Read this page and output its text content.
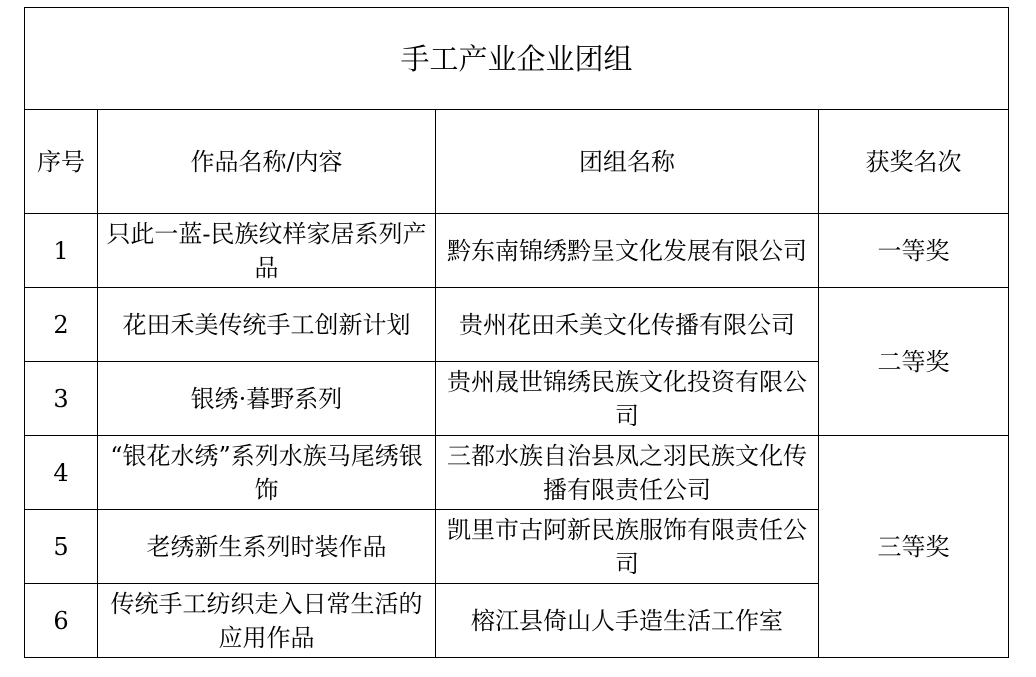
手工产业企业团组			
序号	作品名称/内容	团组名称	获奖名次
1	只此一蓝-民族纹样家居系列产品	黔东南锦绣黔呈文化发展有限公司	一等奖
2	花田禾美传统手工创新计划	贵州花田禾美文化传播有限公司	二等奖
3	银绣·暮野系列	贵州晟世锦绣民族文化投资有限公司	
4	“银花水绣”系列水族马尾绣银饰	三都水族自治县凤之羽民族文化传播有限责任公司	三等奖
5	老绣新生系列时装作品	凯里市古阿新民族服饰有限责任公司	
6	传统手工纺织走入日常生活的应用作品	榕江县倚山人手造生活工作室	
